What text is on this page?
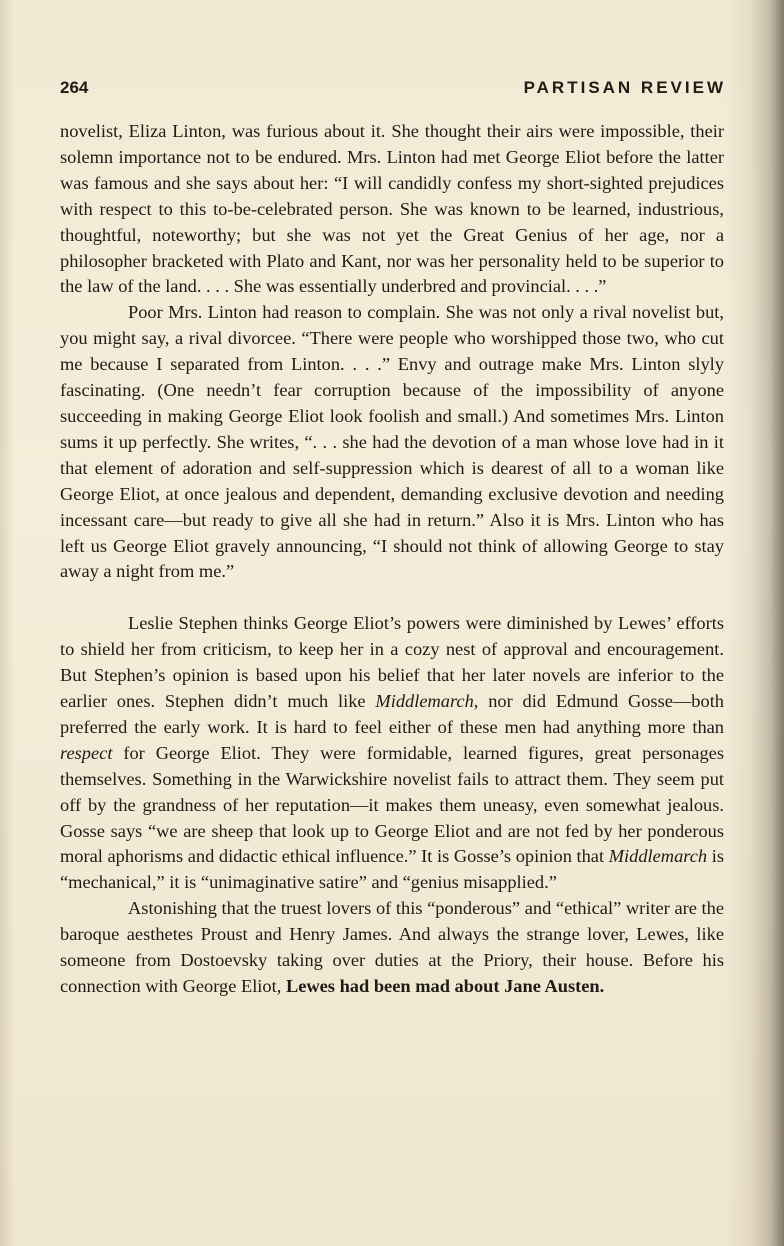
264	PARTISAN REVIEW

novelist, Eliza Linton, was furious about it. She thought their airs were impossible, their solemn importance not to be endured. Mrs. Linton had met George Eliot before the latter was famous and she says about her: “I will candidly confess my short-sighted prejudices with respect to this to-be-celebrated person. She was known to be learned, industrious, thoughtful, noteworthy; but she was not yet the Great Genius of her age, nor a philosopher bracketed with Plato and Kant, nor was her personality held to be superior to the law of the land. . . . She was essentially underbred and provincial. . . .”

Poor Mrs. Linton had reason to complain. She was not only a rival novelist but, you might say, a rival divorcee. “There were people who worshipped those two, who cut me because I separated from Linton. . . .” Envy and outrage make Mrs. Linton slyly fascinating. (One needn’t fear corruption because of the impossibility of anyone succeeding in making George Eliot look foolish and small.) And sometimes Mrs. Linton sums it up perfectly. She writes, “. . . she had the devotion of a man whose love had in it that element of adoration and self-suppression which is dearest of all to a woman like George Eliot, at once jealous and dependent, demanding exclusive devotion and needing incessant care—but ready to give all she had in return.” Also it is Mrs. Linton who has left us George Eliot gravely announcing, “I should not think of allowing George to stay away a night from me.”

Leslie Stephen thinks George Eliot’s powers were diminished by Lewes’ efforts to shield her from criticism, to keep her in a cozy nest of approval and encouragement. But Stephen’s opinion is based upon his belief that her later novels are inferior to the earlier ones. Stephen didn’t much like Middlemarch, nor did Edmund Gosse—both preferred the early work. It is hard to feel either of these men had anything more than respect for George Eliot. They were formidable, learned figures, great personages themselves. Something in the Warwickshire novelist fails to attract them. They seem put off by the grandness of her reputation—it makes them uneasy, even somewhat jealous. Gosse says “we are sheep that look up to George Eliot and are not fed by her ponderous moral aphorisms and didactic ethical influence.” It is Gosse’s opinion that Middlemarch is “mechanical,” it is “unimaginative satire” and “genius misapplied.”

Astonishing that the truest lovers of this “ponderous” and “ethical” writer are the baroque aesthetes Proust and Henry James. And always the strange lover, Lewes, like someone from Dostoevsky taking over duties at the Priory, their house. Before his connection with George Eliot, Lewes had been mad about Jane Austen.
